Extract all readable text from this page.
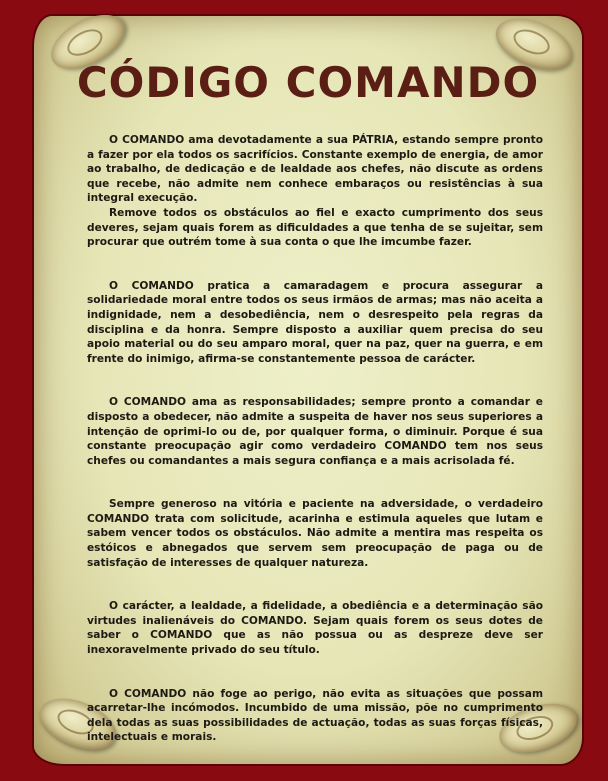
CÓDIGO COMANDO

O COMANDO ama devotadamente a sua PÁTRIA, estando sempre pronto a fazer por ela todos os sacrifícios. Constante exemplo de energia, de amor ao trabalho, de dedicação e de lealdade aos chefes, não discute as ordens que recebe, não admite nem conhece embaraços ou resistências à sua integral execução.

Remove todos os obstáculos ao fiel e exacto cumprimento dos seus deveres, sejam quais forem as dificuldades a que tenha de se sujeitar, sem procurar que outrém tome à sua conta o que lhe imcumbe fazer.

O COMANDO pratica a camaradagem e procura assegurar a solidariedade moral entre todos os seus irmãos de armas; mas não aceita a indignidade, nem a desobediência, nem o desrespeito pela regras da disciplina e da honra. Sempre disposto a auxiliar quem precisa do seu apoio material ou do seu amparo moral, quer na paz, quer na guerra, e em frente do inimigo, afirma-se constantemente pessoa de carácter.

O COMANDO ama as responsabilidades; sempre pronto a comandar e disposto a obedecer, não admite a suspeita de haver nos seus superiores a intenção de oprimi-lo ou de, por qualquer forma, o diminuir. Porque é sua constante preocupação agir como verdadeiro COMANDO tem nos seus chefes ou comandantes a mais segura confiança e a mais acrisolada fé.

Sempre generoso na vitória e paciente na adversidade, o verdadeiro COMANDO trata com solicitude, acarinha e estimula aqueles que lutam e sabem vencer todos os obstáculos. Não admite a mentira mas respeita os estóicos e abnegados que servem sem preocupação de paga ou de satisfação de interesses de qualquer natureza.

O carácter, a lealdade, a fidelidade, a obediência e a determinação são virtudes inalienáveis do COMANDO. Sejam quais forem os seus dotes de saber o COMANDO que as não possua ou as despreze deve ser inexoravelmente privado do seu título.

O COMANDO não foge ao perigo, não evita as situações que possam acarretar-lhe incómodos. Incumbido de uma missão, põe no cumprimento dela todas as suas possibilidades de actuação, todas as suas forças físicas, intelectuais e morais.
